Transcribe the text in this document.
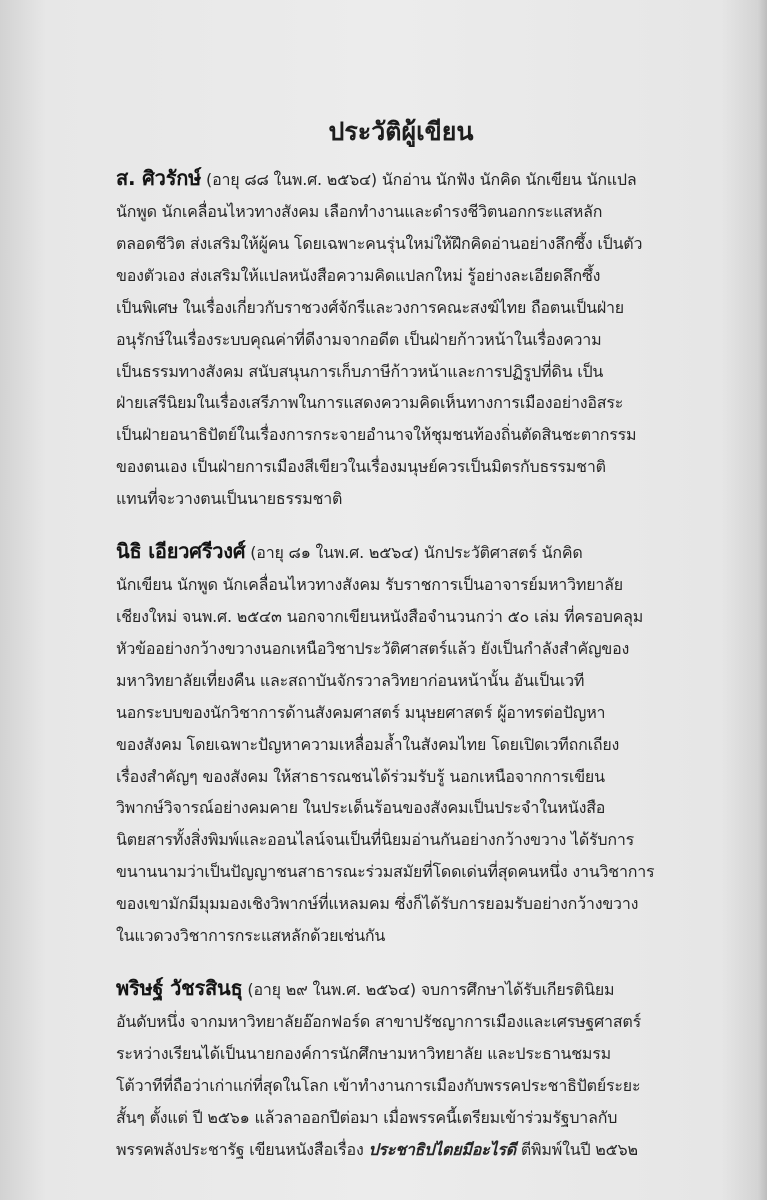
ประวัติผู้เขียน
ส. ศิวรักษ์ (อายุ ๘๘ ในพ.ศ. ๒๕๖๔) นักอ่าน นักฟัง นักคิด นักเขียน นักแปล
นักพูด นักเคลื่อนไหวทางสังคม เลือกทำงานและดำรงชีวิตนอกกระแสหลัก
ตลอดชีวิต ส่งเสริมให้ผู้คน โดยเฉพาะคนรุ่นใหม่ให้ฝึกคิดอ่านอย่างลึกซึ้ง เป็นตัว
ของตัวเอง ส่งเสริมให้แปลหนังสือความคิดแปลกใหม่ รู้อย่างละเอียดลึกซึ้ง
เป็นพิเศษ ในเรื่องเกี่ยวกับราชวงศ์จักรีและวงการคณะสงฆ์ไทย ถือตนเป็นฝ่าย
อนุรักษ์ในเรื่องระบบคุณค่าที่ดีงามจากอดีต เป็นฝ่ายก้าวหน้าในเรื่องความ
เป็นธรรมทางสังคม สนับสนุนการเก็บภาษีก้าวหน้าและการปฏิรูปที่ดิน เป็น
ฝ่ายเสรีนิยมในเรื่องเสรีภาพในการแสดงความคิดเห็นทางการเมืองอย่างอิสระ
เป็นฝ่ายอนาธิปัตย์ในเรื่องการกระจายอำนาจให้ชุมชนท้องถิ่นตัดสินชะตากรรม
ของตนเอง เป็นฝ่ายการเมืองสีเขียวในเรื่องมนุษย์ควรเป็นมิตรกับธรรมชาติ
แทนที่จะวางตนเป็นนายธรรมชาติ
นิธิ เอียวศรีวงศ์ (อายุ ๘๑ ในพ.ศ. ๒๕๖๔) นักประวัติศาสตร์ นักคิด
นักเขียน นักพูด นักเคลื่อนไหวทางสังคม รับราชการเป็นอาจารย์มหาวิทยาลัย
เชียงใหม่ จนพ.ศ. ๒๕๔๓ นอกจากเขียนหนังสือจำนวนกว่า ๕๐ เล่ม ที่ครอบคลุม
หัวข้ออย่างกว้างขวางนอกเหนือวิชาประวัติศาสตร์แล้ว ยังเป็นกำลังสำคัญของ
มหาวิทยาลัยเที่ยงคืน และสถาบันจักรวาลวิทยาก่อนหน้านั้น อันเป็นเวที
นอกระบบของนักวิชาการด้านสังคมศาสตร์ มนุษยศาสตร์ ผู้อาทรต่อปัญหา
ของสังคม โดยเฉพาะปัญหาความเหลื่อมล้ำในสังคมไทย โดยเปิดเวทีถกเถียง
เรื่องสำคัญๆ ของสังคม ให้สาธารณชนได้ร่วมรับรู้ นอกเหนือจากการเขียน
วิพากษ์วิจารณ์อย่างคมคาย ในประเด็นร้อนของสังคมเป็นประจำในหนังสือ
นิตยสารทั้งสิ่งพิมพ์และออนไลน์จนเป็นที่นิยมอ่านกันอย่างกว้างขวาง ได้รับการ
ขนานนามว่าเป็นปัญญาชนสาธารณะร่วมสมัยที่โดดเด่นที่สุดคนหนึ่ง งานวิชาการ
ของเขามักมีมุมมองเชิงวิพากษ์ที่แหลมคม ซึ่งก็ได้รับการยอมรับอย่างกว้างขวาง
ในแวดวงวิชาการกระแสหลักด้วยเช่นกัน
พริษฐ์ วัชรสินธุ (อายุ ๒๙ ในพ.ศ. ๒๕๖๔) จบการศึกษาได้รับเกียรตินิยม
อันดับหนึ่ง จากมหาวิทยาลัยอ๊อกฟอร์ด สาขาปรัชญาการเมืองและเศรษฐศาสตร์
ระหว่างเรียนได้เป็นนายกองค์การนักศึกษามหาวิทยาลัย และประธานชมรม
โต้วาทีที่ถือว่าเก่าแก่ที่สุดในโลก เข้าทำงานการเมืองกับพรรคประชาธิปัตย์ระยะ
สั้นๆ ตั้งแต่ ปี ๒๕๖๑ แล้วลาออกปีต่อมา เมื่อพรรคนี้เตรียมเข้าร่วมรัฐบาลกับ
พรรคพลังประชารัฐ เขียนหนังสือเรื่อง ประชาธิปไตยมีอะไรดี ตีพิมพ์ในปี ๒๕๖๒
